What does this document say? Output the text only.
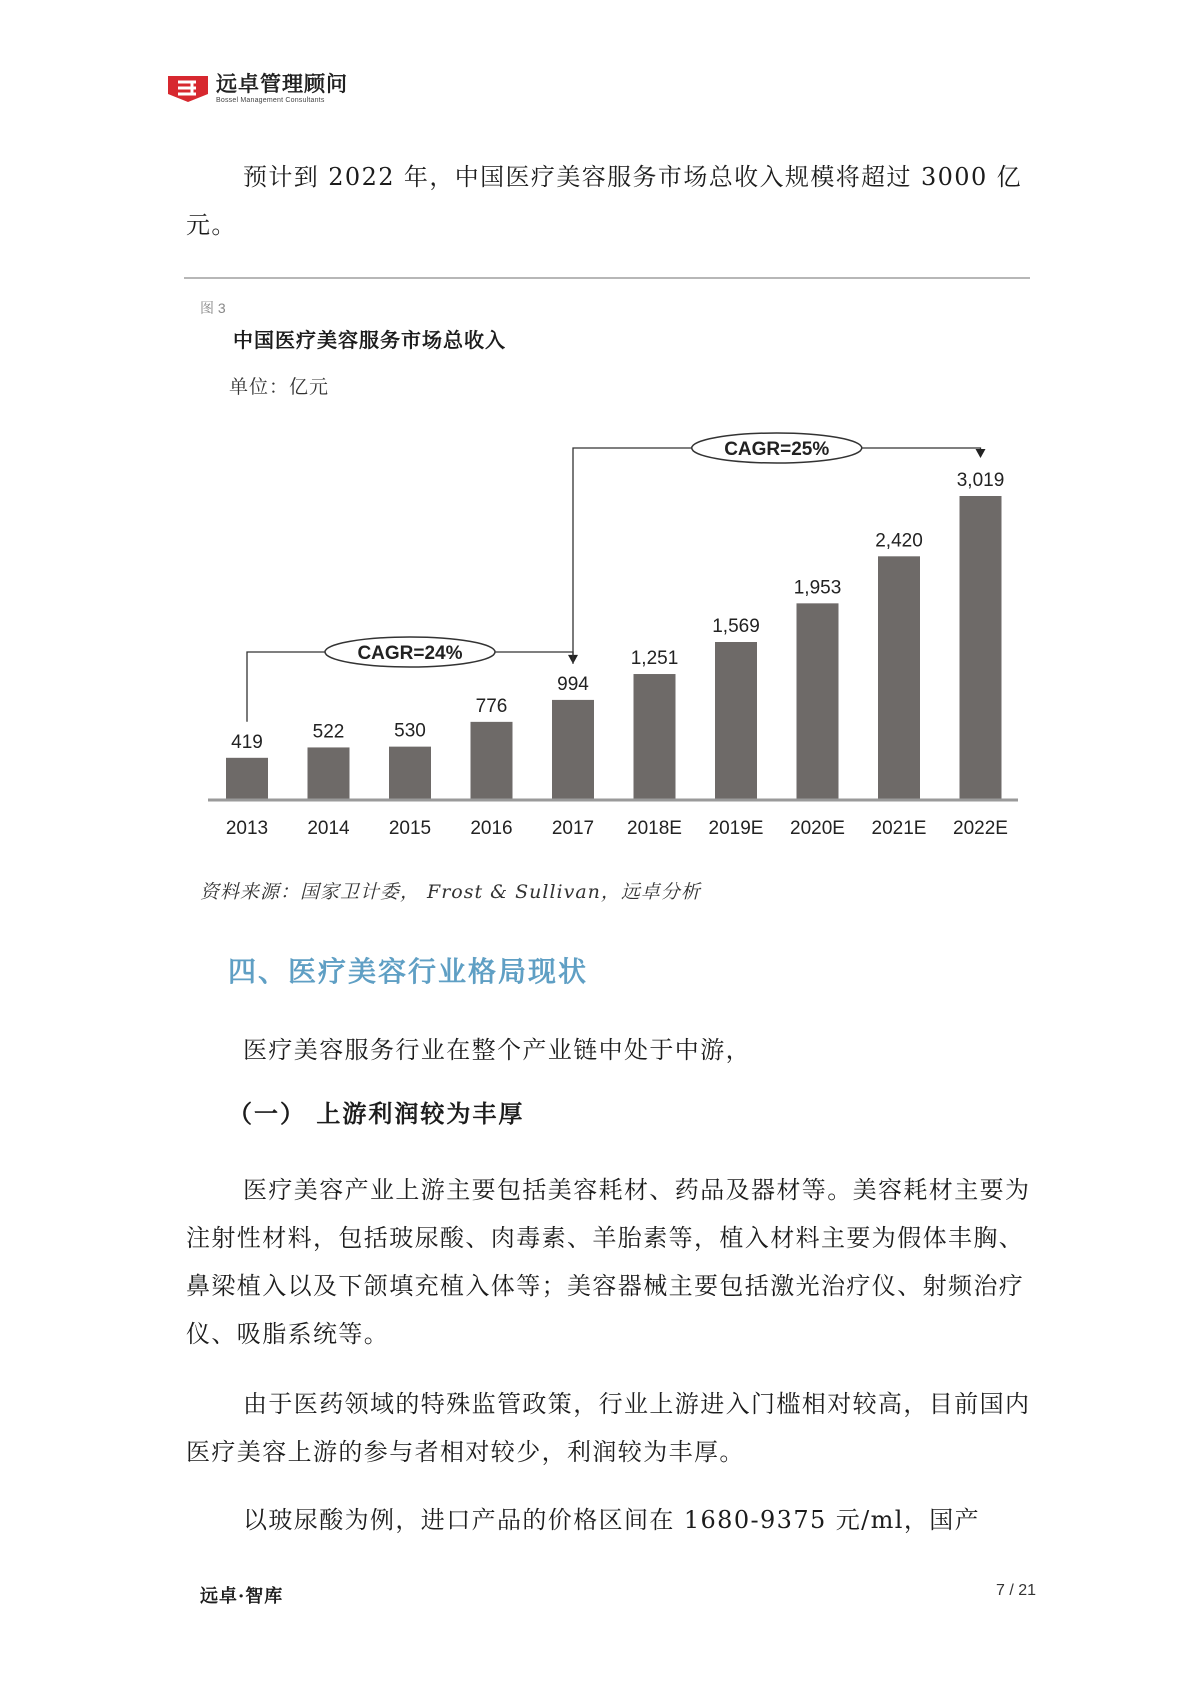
远卓管理顾问
Bossel Management Consultants

预计到 2022 年，中国医疗美容服务市场总收入规模将超过 3000 亿元。

图 3
中国医疗美容服务市场总收入
单位：亿元
419
2013
522
2014
530
2015
776
2016
994
2017
1,251
2018E
1,569
2019E
1,953
2020E
2,420
2021E
3,019
2022E
CAGR=24%
CAGR=25%
资料来源：国家卫计委， Frost & Sullivan，远卓分析
四、医疗美容行业格局现状

医疗美容服务行业在整个产业链中处于中游，

（一） 上游利润较为丰厚

医疗美容产业上游主要包括美容耗材、药品及器材等。美容耗材主要为注射性材料，包括玻尿酸、肉毒素、羊胎素等，植入材料主要为假体丰胸、鼻梁植入以及下颌填充植入体等；美容器械主要包括激光治疗仪、射频治疗仪、吸脂系统等。

由于医药领域的特殊监管政策，行业上游进入门槛相对较高，目前国内医疗美容上游的参与者相对较少，利润较为丰厚。

以玻尿酸为例，进口产品的价格区间在 1680-9375 元/ml，国产

远卓·智库	7 / 21
